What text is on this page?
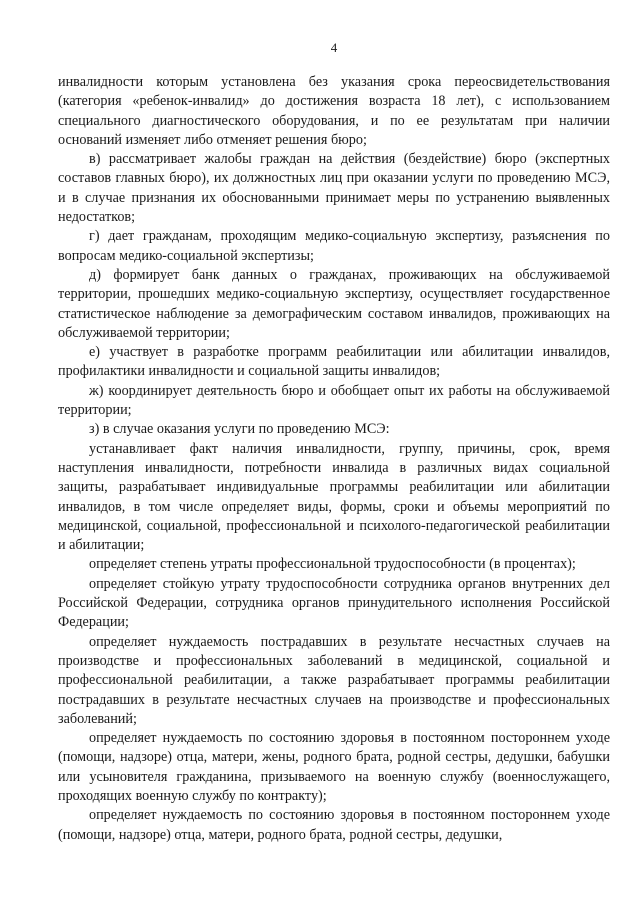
4

инвалидности которым установлена без указания срока переосвидетельствования (категория «ребенок-инвалид» до достижения возраста 18 лет), с использованием специального диагностического оборудования, и по ее результатам при наличии оснований изменяет либо отменяет решения бюро;

в) рассматривает жалобы граждан на действия (бездействие) бюро (экспертных составов главных бюро), их должностных лиц при оказании услуги по проведению МСЭ, и в случае признания их обоснованными принимает меры по устранению выявленных недостатков;

г) дает гражданам, проходящим медико-социальную экспертизу, разъяснения по вопросам медико-социальной экспертизы;

д) формирует банк данных о гражданах, проживающих на обслуживаемой территории, прошедших медико-социальную экспертизу, осуществляет государственное статистическое наблюдение за демографическим составом инвалидов, проживающих на обслуживаемой территории;

е) участвует в разработке программ реабилитации или абилитации инвалидов, профилактики инвалидности и социальной защиты инвалидов;

ж) координирует деятельность бюро и обобщает опыт их работы на обслуживаемой территории;

з) в случае оказания услуги по проведению МСЭ:

устанавливает факт наличия инвалидности, группу, причины, срок, время наступления инвалидности, потребности инвалида в различных видах социальной защиты, разрабатывает индивидуальные программы реабилитации или абилитации инвалидов, в том числе определяет виды, формы, сроки и объемы мероприятий по медицинской, социальной, профессиональной и психолого-педагогической реабилитации и абилитации;

определяет степень утраты профессиональной трудоспособности (в процентах);

определяет стойкую утрату трудоспособности сотрудника органов внутренних дел Российской Федерации, сотрудника органов принудительного исполнения Российской Федерации;

определяет нуждаемость пострадавших в результате несчастных случаев на производстве и профессиональных заболеваний в медицинской, социальной и профессиональной реабилитации, а также разрабатывает программы реабилитации пострадавших в результате несчастных случаев на производстве и профессиональных заболеваний;

определяет нуждаемость по состоянию здоровья в постоянном постороннем уходе (помощи, надзоре) отца, матери, жены, родного брата, родной сестры, дедушки, бабушки или усыновителя гражданина, призываемого на военную службу (военнослужащего, проходящих военную службу по контракту);

определяет нуждаемость по состоянию здоровья в постоянном постороннем уходе (помощи, надзоре) отца, матери, родного брата, родной сестры, дедушки,
